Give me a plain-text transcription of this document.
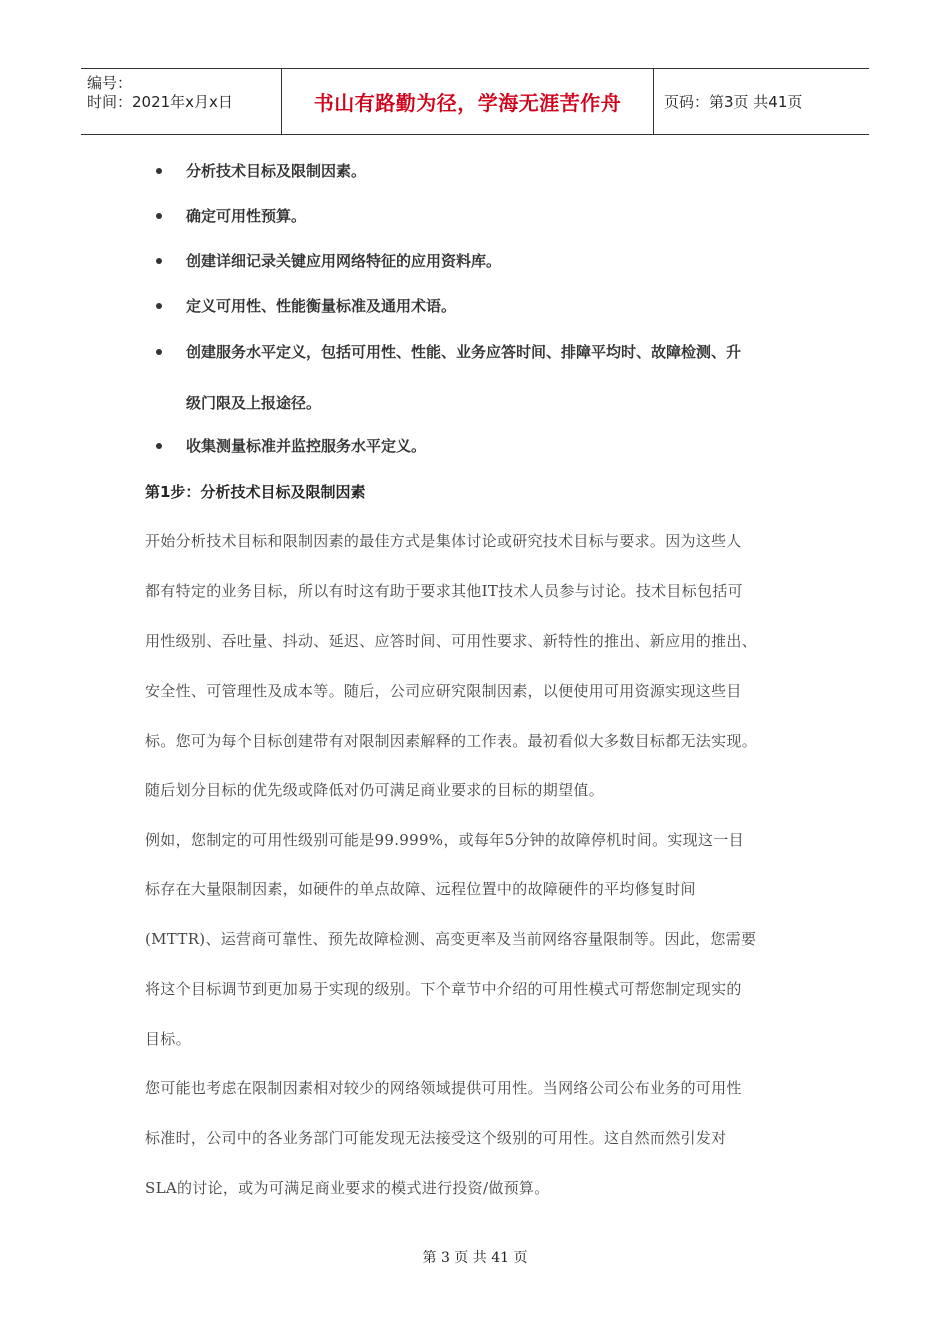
编号：
时间：2021年x月x日	书山有路勤为径，学海无涯苦作舟	页码：第3页 共41页
分析技术目标及限制因素。
确定可用性预算。
创建详细记录关键应用网络特征的应用资料库。
定义可用性、性能衡量标准及通用术语。
创建服务水平定义，包括可用性、性能、业务应答时间、排障平均时、故障检测、升
级门限及上报途径。
收集测量标准并监控服务水平定义。
第1步：分析技术目标及限制因素
开始分析技术目标和限制因素的最佳方式是集体讨论或研究技术目标与要求。因为这些人
都有特定的业务目标，所以有时这有助于要求其他IT技术人员参与讨论。技术目标包括可
用性级别、吞吐量、抖动、延迟、应答时间、可用性要求、新特性的推出、新应用的推出、
安全性、可管理性及成本等。随后，公司应研究限制因素，以便使用可用资源实现这些目
标。您可为每个目标创建带有对限制因素解释的工作表。最初看似大多数目标都无法实现。
随后划分目标的优先级或降低对仍可满足商业要求的目标的期望值。
例如，您制定的可用性级别可能是99.999%，或每年5分钟的故障停机时间。实现这一目
标存在大量限制因素，如硬件的单点故障、远程位置中的故障硬件的平均修复时间
(MTTR)、运营商可靠性、预先故障检测、高变更率及当前网络容量限制等。因此，您需要
将这个目标调节到更加易于实现的级别。下个章节中介绍的可用性模式可帮您制定现实的
目标。
您可能也考虑在限制因素相对较少的网络领域提供可用性。当网络公司公布业务的可用性
标准时，公司中的各业务部门可能发现无法接受这个级别的可用性。这自然而然引发对
SLA的讨论，或为可满足商业要求的模式进行投资/做预算。
第 3 页 共 41 页
